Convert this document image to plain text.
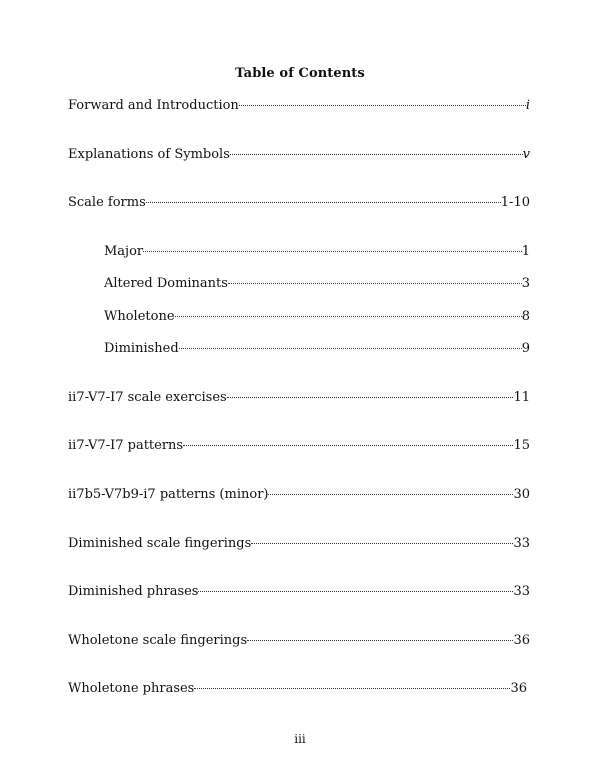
Table of Contents
Forward and Introduction	i
Explanations of Symbols	v
Scale forms	1-10
Major	1
Altered Dominants	3
Wholetone	8
Diminished	9
ii7-V7-I7 scale exercises	11
ii7-V7-I7 patterns	15
ii7b5-V7b9-i7 patterns (minor)	30
Diminished scale fingerings	33
Diminished phrases	33
Wholetone scale fingerings	36
Wholetone phrases	36
iii
